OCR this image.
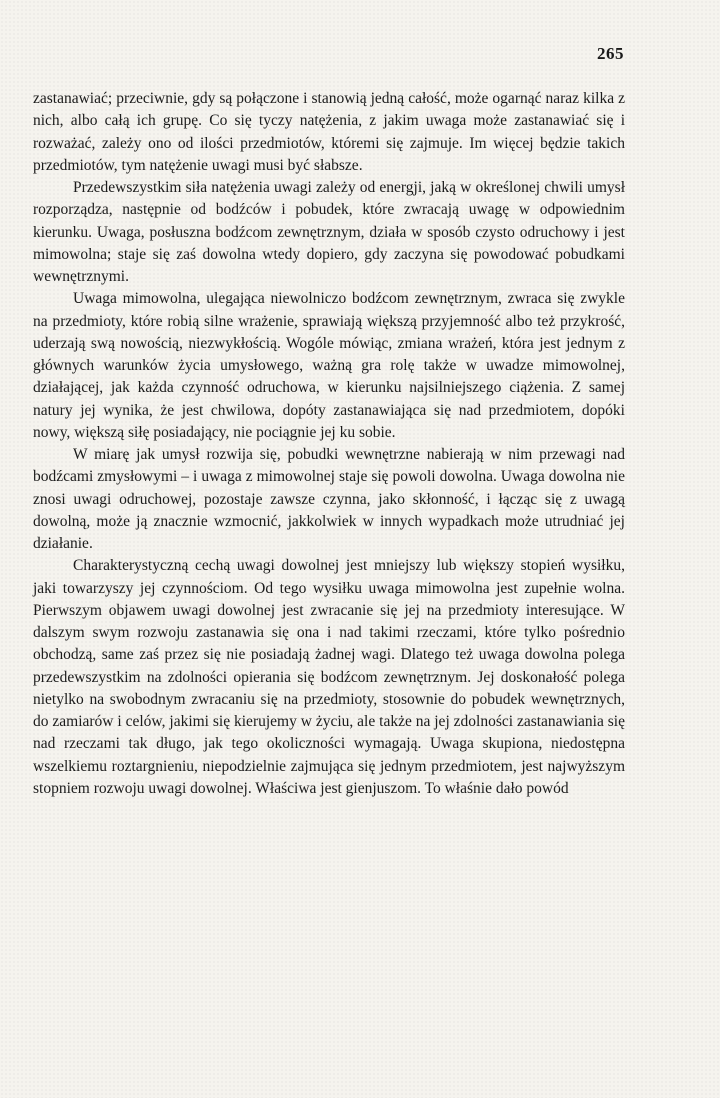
265

zastanawiać; przeciwnie, gdy są połączone i stanowią jedną całość, może ogarnąć naraz kilka z nich, albo całą ich grupę. Co się tyczy natężenia, z jakim uwaga może zastanawiać się i rozważać, zależy ono od ilości przedmiotów, któremi się zajmuje. Im więcej będzie takich przedmiotów, tym natężenie uwagi musi być słabsze.

Przedewszystkim siła natężenia uwagi zależy od energji, jaką w określonej chwili umysł rozporządza, następnie od bodźców i pobudek, które zwracają uwagę w odpowiednim kierunku. Uwaga, posłuszna bodźcom zewnętrznym, działa w sposób czysto odruchowy i jest mimowolna; staje się zaś dowolna wtedy dopiero, gdy zaczyna się powodować pobudkami wewnętrznymi.

Uwaga mimowolna, ulegająca niewolniczo bodźcom zewnętrznym, zwraca się zwykle na przedmioty, które robią silne wrażenie, sprawiają większą przyjemność albo też przykrość, uderzają swą nowością, niezwykłością. Wogóle mówiąc, zmiana wrażeń, która jest jednym z głównych warunków życia umysłowego, ważną gra rolę także w uwadze mimowolnej, działającej, jak każda czynność odruchowa, w kierunku najsilniejszego ciążenia. Z samej natury jej wynika, że jest chwilowa, dopóty zastanawiająca się nad przedmiotem, dopóki nowy, większą siłę posiadający, nie pociągnie jej ku sobie.

W miarę jak umysł rozwija się, pobudki wewnętrzne nabierają w nim przewagi nad bodźcami zmysłowymi – i uwaga z mimowolnej staje się powoli dowolna. Uwaga dowolna nie znosi uwagi odruchowej, pozostaje zawsze czynna, jako skłonność, i łącząc się z uwagą dowolną, może ją znacznie wzmocnić, jakkolwiek w innych wypadkach może utrudniać jej działanie.

Charakterystyczną cechą uwagi dowolnej jest mniejszy lub większy stopień wysiłku, jaki towarzyszy jej czynnościom. Od tego wysiłku uwaga mimowolna jest zupełnie wolna. Pierwszym objawem uwagi dowolnej jest zwracanie się jej na przedmioty interesujące. W dalszym swym rozwoju zastanawia się ona i nad takimi rzeczami, które tylko pośrednio obchodzą, same zaś przez się nie posiadają żadnej wagi. Dlatego też uwaga dowolna polega przedewszystkim na zdolności opierania się bodźcom zewnętrznym. Jej doskonałość polega nietylko na swobodnym zwracaniu się na przedmioty, stosownie do pobudek wewnętrznych, do zamiarów i celów, jakimi się kierujemy w życiu, ale także na jej zdolności zastanawiania się nad rzeczami tak długo, jak tego okoliczności wymagają. Uwaga skupiona, niedostępna wszelkiemu roztargnieniu, niepodzielnie zajmująca się jednym przedmiotem, jest najwyższym stopniem rozwoju uwagi dowolnej. Właściwa jest gienjuszom. To właśnie dało powód
